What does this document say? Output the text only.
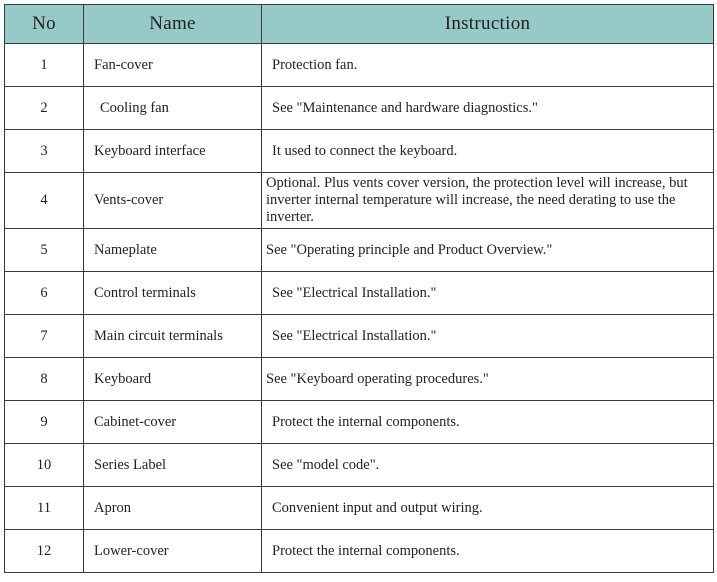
No	Name	Instruction
1	Fan-cover	Protection fan.
2	Cooling fan	See "Maintenance and hardware diagnostics."
3	Keyboard interface	It used to connect the keyboard.
4	Vents-cover	Optional. Plus vents cover version, the protection level will increase, but inverter internal temperature will increase, the need derating to use the inverter.
5	Nameplate	See "Operating principle and Product Overview."
6	Control terminals	See "Electrical Installation."
7	Main circuit terminals	See "Electrical Installation."
8	Keyboard	See "Keyboard operating procedures."
9	Cabinet-cover	Protect the internal components.
10	Series Label	See "model code".
11	Apron	Convenient input and output wiring.
12	Lower-cover	Protect the internal components.
